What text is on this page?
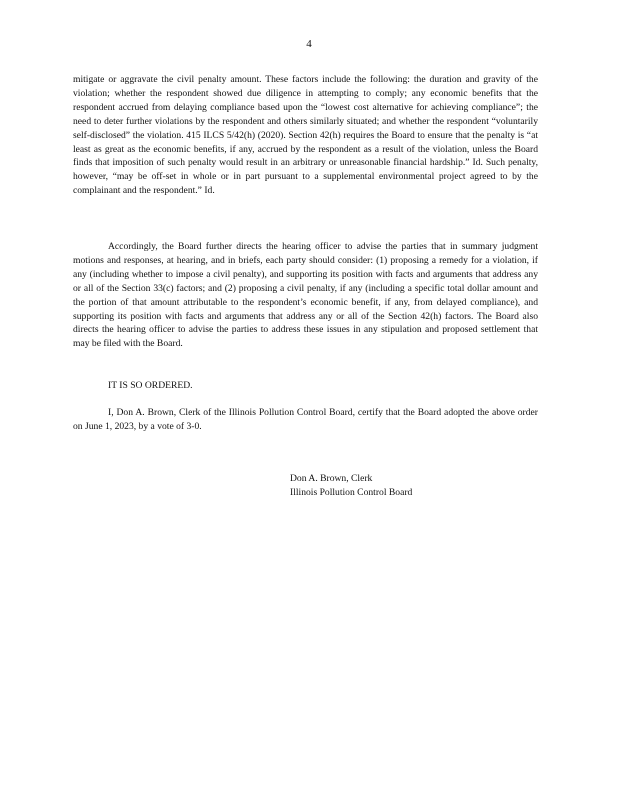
4

mitigate or aggravate the civil penalty amount. These factors include the following: the duration and gravity of the violation; whether the respondent showed due diligence in attempting to comply; any economic benefits that the respondent accrued from delaying compliance based upon the “lowest cost alternative for achieving compliance”; the need to deter further violations by the respondent and others similarly situated; and whether the respondent “voluntarily self-disclosed” the violation. 415 ILCS 5/42(h) (2020). Section 42(h) requires the Board to ensure that the penalty is “at least as great as the economic benefits, if any, accrued by the respondent as a result of the violation, unless the Board finds that imposition of such penalty would result in an arbitrary or unreasonable financial hardship.” Id. Such penalty, however, “may be off-set in whole or in part pursuant to a supplemental environmental project agreed to by the complainant and the respondent.” Id.

Accordingly, the Board further directs the hearing officer to advise the parties that in summary judgment motions and responses, at hearing, and in briefs, each party should consider: (1) proposing a remedy for a violation, if any (including whether to impose a civil penalty), and supporting its position with facts and arguments that address any or all of the Section 33(c) factors; and (2) proposing a civil penalty, if any (including a specific total dollar amount and the portion of that amount attributable to the respondent’s economic benefit, if any, from delayed compliance), and supporting its position with facts and arguments that address any or all of the Section 42(h) factors. The Board also directs the hearing officer to advise the parties to address these issues in any stipulation and proposed settlement that may be filed with the Board.

IT IS SO ORDERED.

I, Don A. Brown, Clerk of the Illinois Pollution Control Board, certify that the Board adopted the above order on June 1, 2023, by a vote of 3-0.

Don A. Brown, Clerk
Illinois Pollution Control Board
